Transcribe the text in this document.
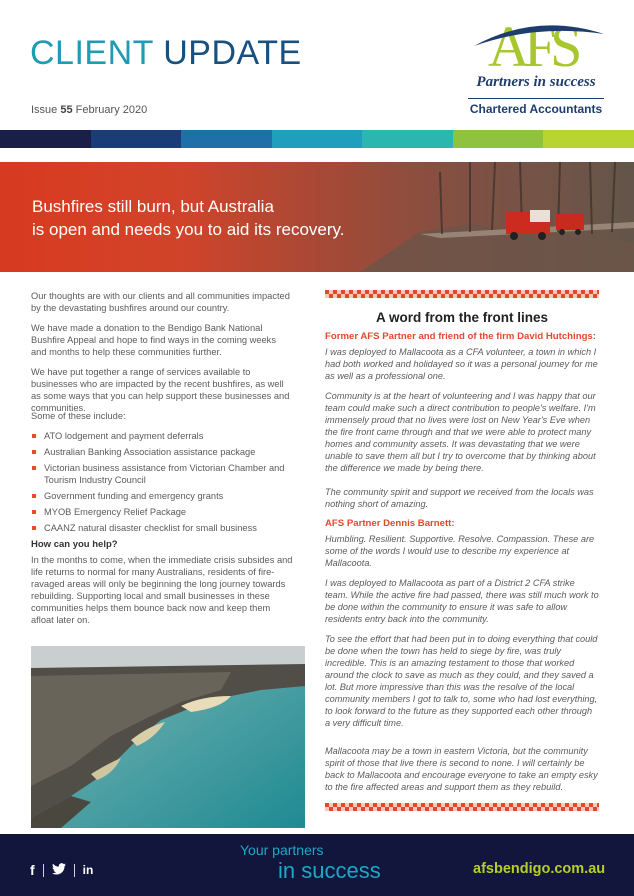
CLIENT UPDATE
Issue 55 February 2020
AFS
Partners in success
Chartered Accountants
Bushfires still burn, but Australia
is open and needs you to aid its recovery.

Our thoughts are with our clients and all communities impacted by the devastating bushfires around our country.

We have made a donation to the Bendigo Bank National Bushfire Appeal and hope to find ways in the coming weeks and months to help these communities further.

We have put together a range of services available to businesses who are impacted by the recent bushfires, as well as some ways that you can help support these businesses and communities.

Some of these include:

ATO lodgement and payment deferrals
Australian Banking Association assistance package
Victorian business assistance from Victorian Chamber and Tourism Industry Council
Government funding and emergency grants
MYOB Emergency Relief Package
CAANZ natural disaster checklist for small business
How can you help?

In the months to come, when the immediate crisis subsides and life returns to normal for many Australians, residents of fire-ravaged areas will only be beginning the long journey towards rebuilding. Supporting local and small businesses in these communities helps them bounce back now and keep them afloat later on.

A word from the front lines
Former AFS Partner and friend of the firm David Hutchings:

I was deployed to Mallacoota as a CFA volunteer, a town in which I had both worked and holidayed so it was a personal journey for me as well as a professional one.

Community is at the heart of volunteering and I was happy that our team could make such a direct contribution to people's welfare. I'm immensely proud that no lives were lost on New Year's Eve when the fire front came through and that we were able to protect many homes and community assets. It was devastating that we were unable to save them all but I try to overcome that by thinking about the difference we made by being there.

The community spirit and support we received from the locals was nothing short of amazing.

AFS Partner Dennis Barnett:

Humbling. Resilient. Supportive. Resolve. Compassion. These are some of the words I would use to describe my experience at Mallacoota.

I was deployed to Mallacoota as part of a District 2 CFA strike team. While the active fire had passed, there was still much work to be done within the community to ensure it was safe to allow residents entry back into the community.

To see the effort that had been put in to doing everything that could be done when the town has held to siege by fire, was truly incredible. This is an amazing testament to those that worked around the clock to save as much as they could, and they saved a lot. But more impressive than this was the resolve of the local community members I got to talk to, some who had lost everything, to look forward to the future as they supported each other through a very difficult time.

Mallacoota may be a town in eastern Victoria, but the community spirit of those that live there is second to none. I will certainly be back to Mallacoota and encourage everyone to take an empty esky to the fire affected areas and support them as they rebuild.

f	in
Your partners
in success	afsbendigo.com.au
